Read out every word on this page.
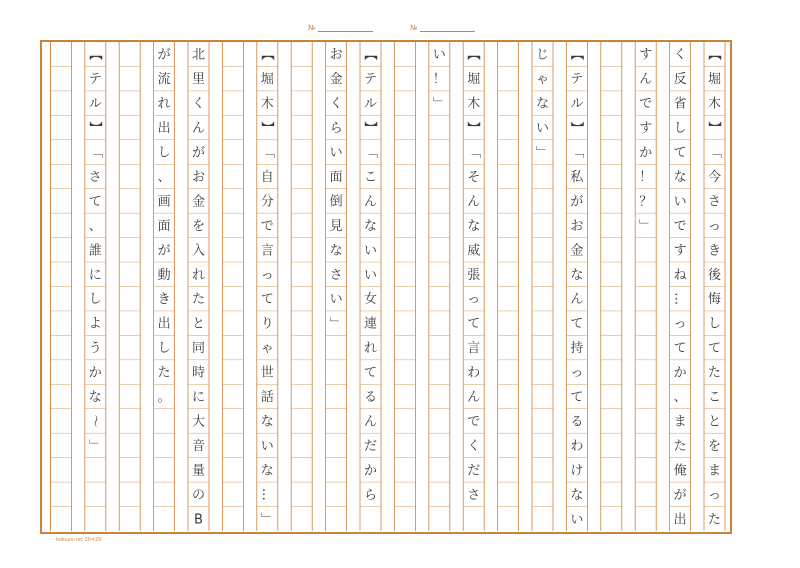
№	№
【
堀
木
】
「
今
さ
っ
き
後
悔
し
て
た
こ
と
を
ま
っ
た
く
反
省
し
て
な
い
で
す
ね
…
っ
て
か
、
ま
た
俺
が
出
す
ん
で
す
か
！
？
」
【
テ
ル
】
「
私
が
お
金
な
ん
て
持
っ
て
る
わ
け
な
い
じ
ゃ
な
い
」
【
堀
木
】
「
そ
ん
な
威
張
っ
て
言
わ
ん
で
く
だ
さ
い
！
」
【
テ
ル
】
「
こ
ん
な
い
い
女
連
れ
て
る
ん
だ
か
ら
お
金
く
ら
い
面
倒
見
な
さ
い
」
【
堀
木
】
「
自
分
で
言
っ
て
り
ゃ
世
話
な
い
な
…
」
北
里
く
ん
が
お
金
を
入
れ
た
と
同
時
に
大
音
量
の
B
が
流
れ
出
し
、
画
面
が
動
き
出
し
た
。
【
テ
ル
】
「
さ
て
、
誰
に
し
よ
う
か
な
〜
」
kokuyo-rsc 20×20
